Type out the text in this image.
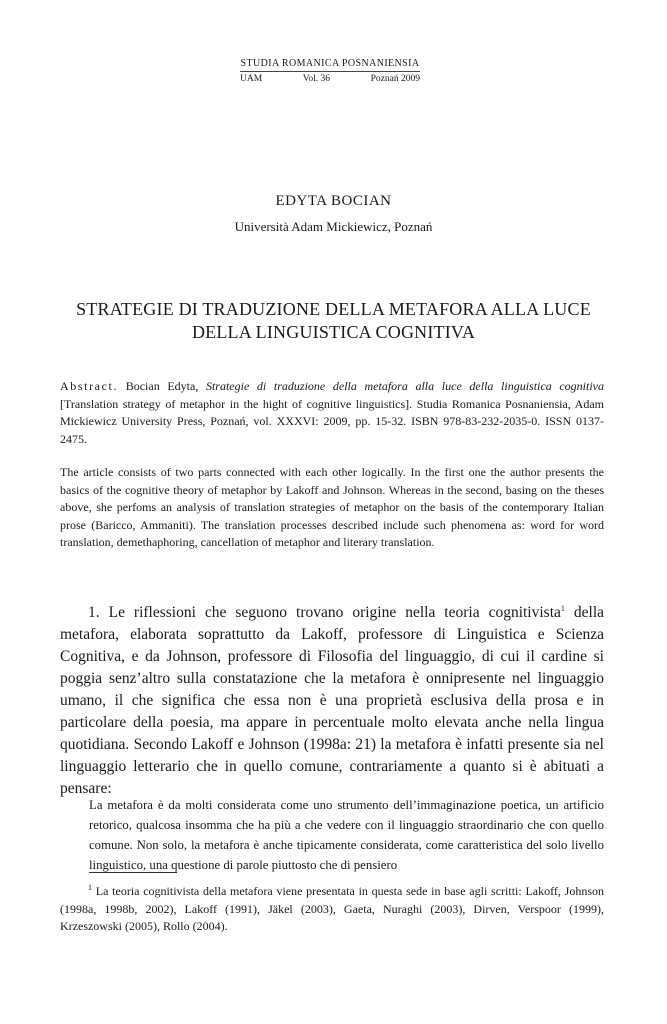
STUDIA ROMANICA POSNANIENSIA
UAM	Vol. 36	Poznań 2009
EDYTA BOCIAN
Università Adam Mickiewicz, Poznań
STRATEGIE DI TRADUZIONE DELLA METAFORA ALLA LUCE
DELLA LINGUISTICA COGNITIVA
Abstract. Bocian Edyta, Strategie di traduzione della metafora alla luce della linguistica cognitiva [Translation strategy of metaphor in the hight of cognitive linguistics]. Studia Romanica Posnaniensia, Adam Mickiewicz University Press, Poznań, vol. XXXVI: 2009, pp. 15-32. ISBN 978-83-232-2035-0. ISSN 0137-2475.
The article consists of two parts connected with each other logically. In the first one the author presents the basics of the cognitive theory of metaphor by Lakoff and Johnson. Whereas in the second, basing on the theses above, she perfoms an analysis of translation strategies of metaphor on the basis of the contemporary Italian prose (Baricco, Ammaniti). The translation processes described include such phenomena as: word for word translation, demethaphoring, cancellation of metaphor and literary translation.
1. Le riflessioni che seguono trovano origine nella teoria cognitivista$^1$ della metafora, elaborata soprattutto da Lakoff, professore di Linguistica e Scienza Cognitiva, e da Johnson, professore di Filosofia del linguaggio, di cui il cardine si poggia senz’altro sulla constatazione che la metafora è onnipresente nel linguaggio umano, il che significa che essa non è una proprietà esclusiva della prosa e in particolare della poesia, ma appare in percentuale molto elevata anche nella lingua quotidiana. Secondo Lakoff e Johnson (1998a: 21) la metafora è infatti presente sia nel linguaggio letterario che in quello comune, contrariamente a quanto si è abituati a pensare:
La metafora è da molti considerata come uno strumento dell’immaginazione poetica, un artificio retorico, qualcosa insomma che ha più a che vedere con il linguaggio straordinario che con quello comune. Non solo, la metafora è anche tipicamente considerata, come caratteristica del solo livello linguistico, una questione di parole piuttosto che di pensiero
$^1$ La teoria cognitivista della metafora viene presentata in questa sede in base agli scritti: Lakoff, Johnson (1998a, 1998b, 2002), Lakoff (1991), Jäkel (2003), Gaeta, Nuraghi (2003), Dirven, Verspoor (1999), Krzeszowski (2005), Rollo (2004).
